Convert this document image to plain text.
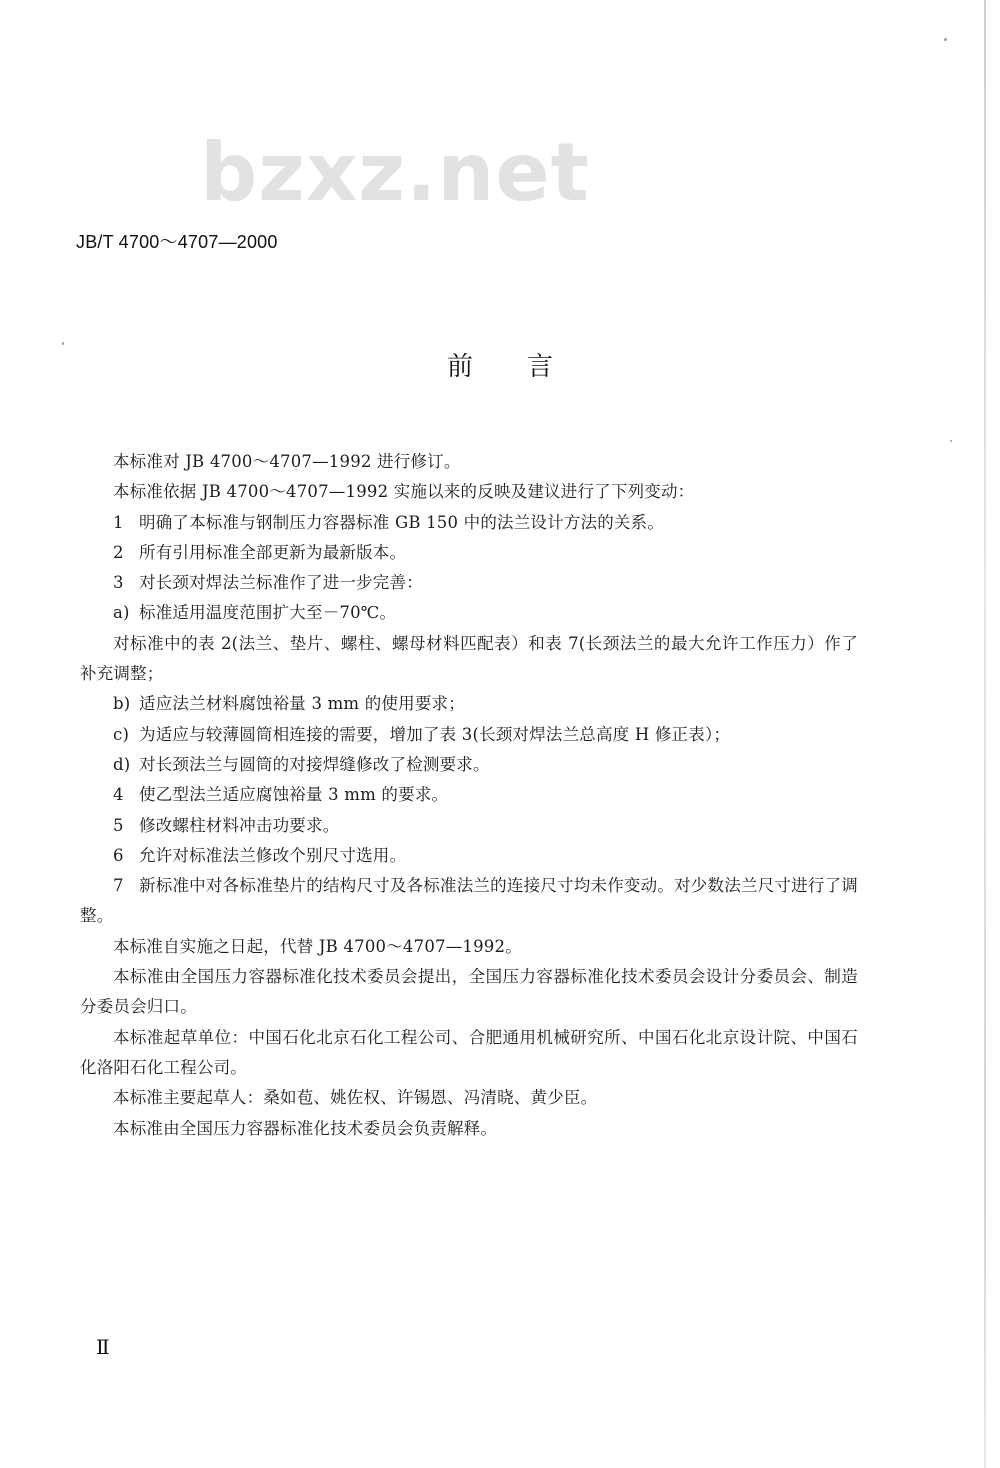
bzxz.net
JB/T 4700～4707—2000
前言

本标准对 JB 4700～4707—1992 进行修订。

本标准依据 JB 4700～4707—1992 实施以来的反映及建议进行了下列变动：

1 明确了本标准与钢制压力容器标准 GB 150 中的法兰设计方法的关系。

2 所有引用标准全部更新为最新版本。

3 对长颈对焊法兰标准作了进一步完善：

a) 标准适用温度范围扩大至－70℃。

对标准中的表 2(法兰、垫片、螺柱、螺母材料匹配表）和表 7(长颈法兰的最大允许工作压力）作了补充调整；

b) 适应法兰材料腐蚀裕量 3 mm 的使用要求；

c) 为适应与较薄圆筒相连接的需要，增加了表 3(长颈对焊法兰总高度 H 修正表）；

d) 对长颈法兰与圆筒的对接焊缝修改了检测要求。

4 使乙型法兰适应腐蚀裕量 3 mm 的要求。

5 修改螺柱材料冲击功要求。

6 允许对标准法兰修改个别尺寸选用。

7 新标准中对各标准垫片的结构尺寸及各标准法兰的连接尺寸均未作变动。对少数法兰尺寸进行了调整。

本标准自实施之日起，代替 JB 4700～4707—1992。

本标准由全国压力容器标准化技术委员会提出，全国压力容器标准化技术委员会设计分委员会、制造分委员会归口。

本标准起草单位：中国石化北京石化工程公司、合肥通用机械研究所、中国石化北京设计院、中国石化洛阳石化工程公司。

本标准主要起草人：桑如苞、姚佐权、许锡恩、冯清晓、黄少臣。

本标准由全国压力容器标准化技术委员会负责解释。

Ⅱ
